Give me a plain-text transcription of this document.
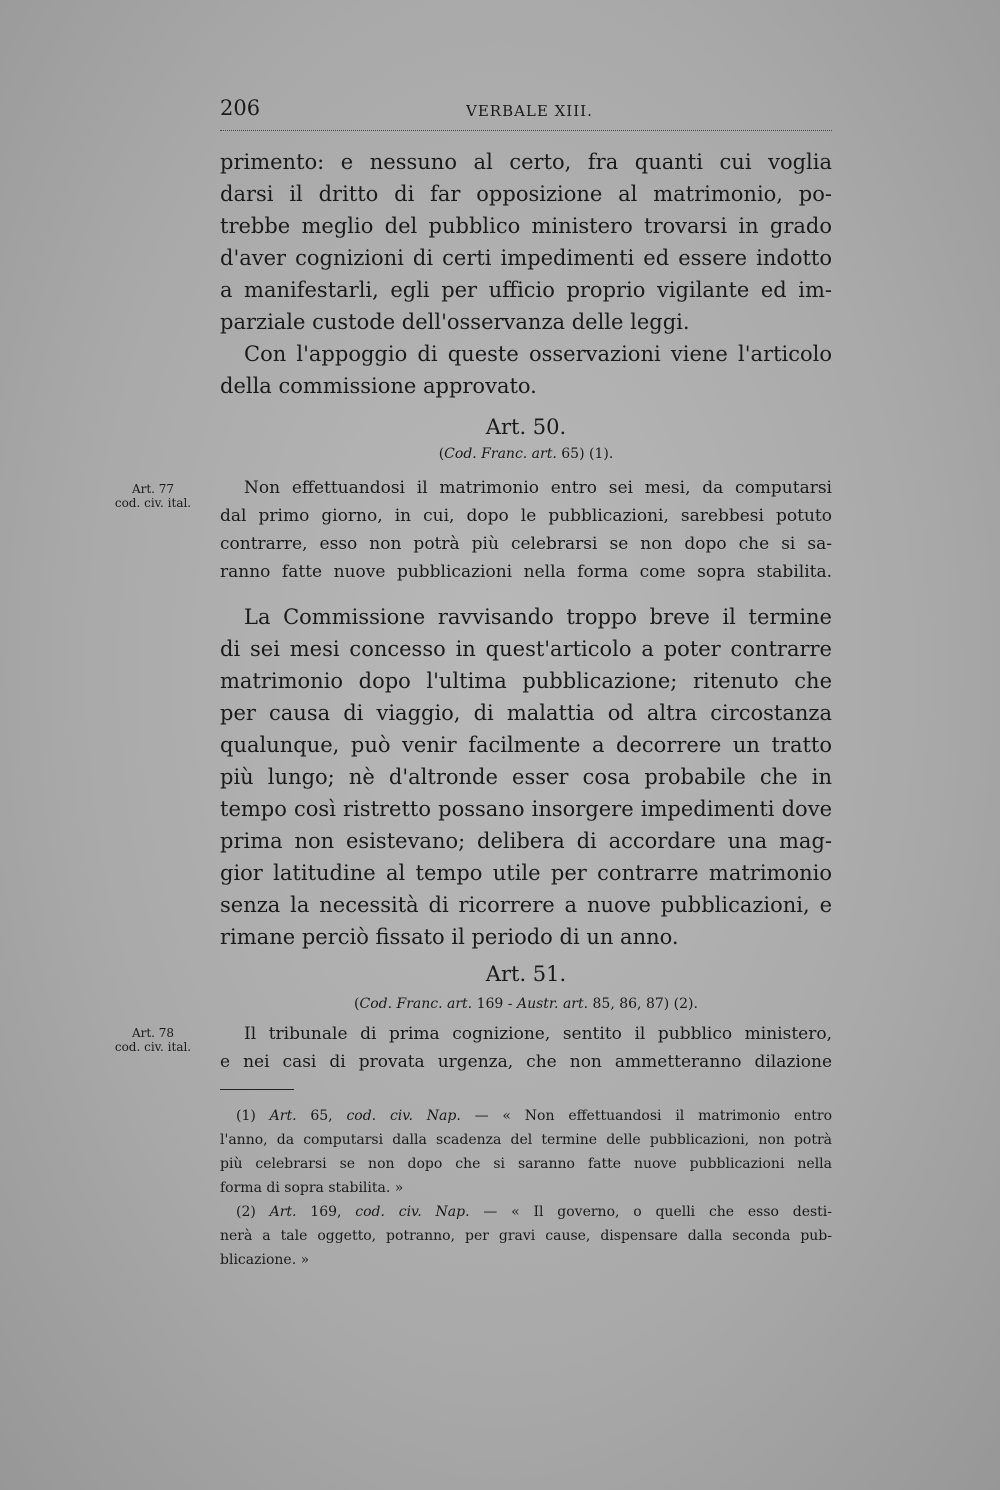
206	VERBALE XIII.
primento: e nessuno al certo, fra quanti cui voglia
darsi il dritto di far opposizione al matrimonio, po-
trebbe meglio del pubblico ministero trovarsi in grado
d'aver cognizioni di certi impedimenti ed essere indotto
a manifestarli, egli per ufficio proprio vigilante ed im-
parziale custode dell'osservanza delle leggi.
Con l'appoggio di queste osservazioni viene l'articolo
della commissione approvato.
Art. 50.
(Cod. Franc. art. 65) (1).
Art. 77
cod. civ. ital.
Non effettuandosi il matrimonio entro sei mesi, da computarsi
dal primo giorno, in cui, dopo le pubblicazioni, sarebbesi potuto
contrarre, esso non potrà più celebrarsi se non dopo che si sa-
ranno fatte nuove pubblicazioni nella forma come sopra stabilita.
La Commissione ravvisando troppo breve il termine
di sei mesi concesso in quest'articolo a poter contrarre
matrimonio dopo l'ultima pubblicazione; ritenuto che
per causa di viaggio, di malattia od altra circostanza
qualunque, può venir facilmente a decorrere un tratto
più lungo; nè d'altronde esser cosa probabile che in
tempo così ristretto possano insorgere impedimenti dove
prima non esistevano; delibera di accordare una mag-
gior latitudine al tempo utile per contrarre matrimonio
senza la necessità di ricorrere a nuove pubblicazioni, e
rimane perciò fissato il periodo di un anno.
Art. 51.
(Cod. Franc. art. 169 - Austr. art. 85, 86, 87) (2).
Art. 78
cod. civ. ital.
Il tribunale di prima cognizione, sentito il pubblico ministero,
e nei casi di provata urgenza, che non ammetteranno dilazione
(1) Art. 65, cod. civ. Nap. — « Non effettuandosi il matrimonio entro
l'anno, da computarsi dalla scadenza del termine delle pubblicazioni, non potrà
più celebrarsi se non dopo che si saranno fatte nuove pubblicazioni nella
forma di sopra stabilita. »
(2) Art. 169, cod. civ. Nap. — « Il governo, o quelli che esso desti-
nerà a tale oggetto, potranno, per gravi cause, dispensare dalla seconda pub-
blicazione. »
